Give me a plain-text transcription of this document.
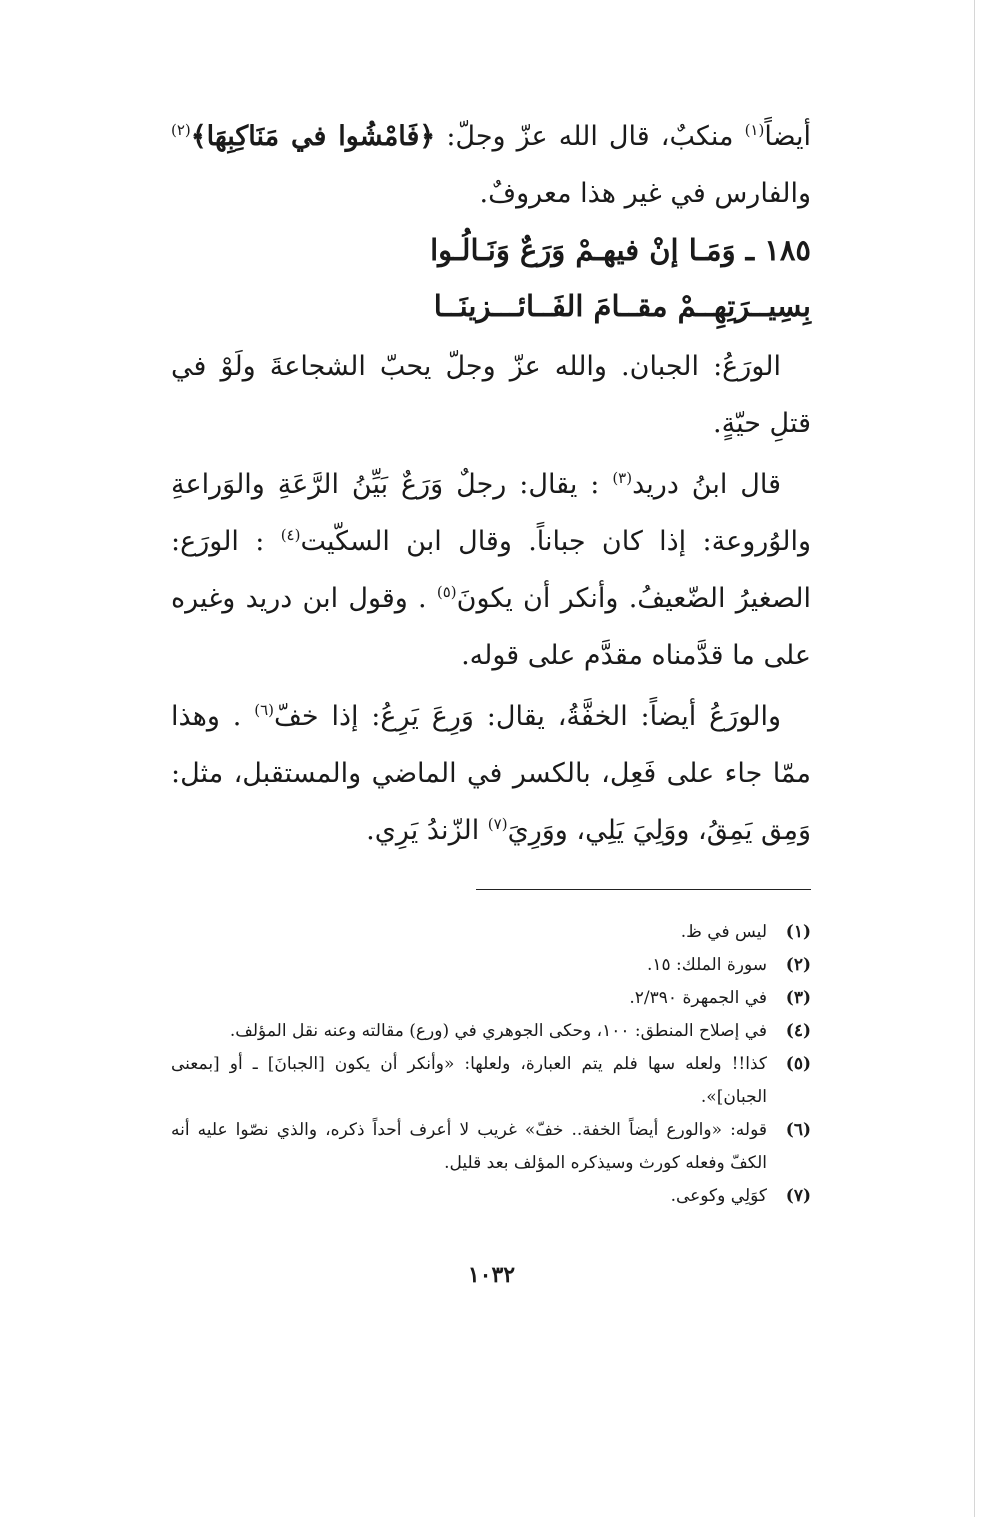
أيضاً$^{(١)}$ منكبٌ، قال الله عزّ وجلّ: ﴿فَامْشُوا في مَنَاكِبِهَا﴾$^{(٢)}$ والفارس في غير هذا معروفٌ.

١٨٥ ـ وَمَـا إنْ فيهـمْ وَرَعٌ وَنَـالُـوا

بِسِيــرَتِهِــمْ مقــامَ الفَــائـــزينَــا

الورَعُ: الجبان. والله عزّ وجلّ يحبّ الشجاعةَ ولَوْ في قتلِ حيّةٍ.

قال ابنُ دريد$^{(٣)}$ : يقال: رجلٌ وَرَعٌ بَيِّنُ الرَّعَةِ والوَراعةِ والوُروعة: إذا كان جباناً. وقال ابن السكّيت$^{(٤)}$ : الورَع: الصغيرُ الضّعيفُ. وأنكر أن يكونَ$^{(٥)}$ . وقول ابن دريد وغيره على ما قدَّمناه مقدَّم على قوله.

والورَعُ أيضاً: الخفَّةُ، يقال: وَرِعَ يَرِعُ: إذا خفّ$^{(٦)}$ . وهذا ممّا جاء على فَعِل، بالكسر في الماضي والمستقبل، مثل: وَمِق يَمِقُ، ووَلِيَ يَلِي، ووَرِيَ$^{(٧)}$ الزّندُ يَرِي.

(١)
ليس في ظ.
(٢)
سورة الملك: ١٥.
(٣)
في الجمهرة ٢/٣٩٠.
(٤)
في إصلاح المنطق: ١٠٠، وحكى الجوهري في (ورع) مقالته وعنه نقل المؤلف.
(٥)
كذا!! ولعله سها فلم يتم العبارة، ولعلها: «وأنكر أن يكون [الجبانَ] ـ أو [بمعنى الجبان]».
(٦)
قوله: «والورع أيضاً الخفة.. خفّ» غريب لا أعرف أحداً ذكره، والذي نصّوا عليه أنه الكفّ وفعله كورث وسيذكره المؤلف بعد قليل.
(٧)
كوَلِي وكوعى.
١٠٣٢
